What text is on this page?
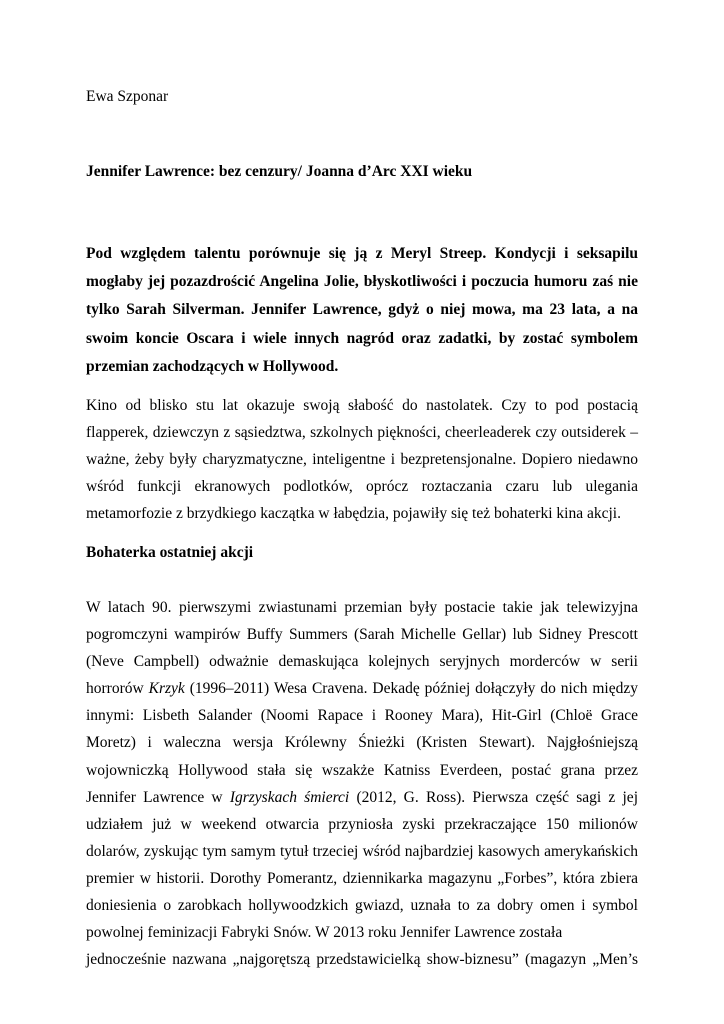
Ewa Szponar

Jennifer Lawrence: bez cenzury/ Joanna d’Arc XXI wieku

Pod względem talentu porównuje się ją z Meryl Streep. Kondycji i seksapilu mogłaby jej pozazdrościć Angelina Jolie, błyskotliwości i poczucia humoru zaś nie tylko Sarah Silverman. Jennifer Lawrence, gdyż o niej mowa, ma 23 lata, a na swoim koncie Oscara i wiele innych nagród oraz zadatki, by zostać symbolem przemian zachodzących w Hollywood.

Kino od blisko stu lat okazuje swoją słabość do nastolatek. Czy to pod postacią flapperek, dziewczyn z sąsiedztwa, szkolnych piękności, cheerleaderek czy outsiderek – ważne, żeby były charyzmatyczne, inteligentne i bezpretensjonalne. Dopiero niedawno wśród funkcji ekranowych podlotków, oprócz roztaczania czaru lub ulegania metamorfozie z brzydkiego kaczątka w łabędzia, pojawiły się też bohaterki kina akcji.

Bohaterka ostatniej akcji

W latach 90. pierwszymi zwiastunami przemian były postacie takie jak telewizyjna pogromczyni wampirów Buffy Summers (Sarah Michelle Gellar) lub Sidney Prescott (Neve Campbell) odważnie demaskująca kolejnych seryjnych morderców w serii horrorów Krzyk (1996–2011) Wesa Cravena. Dekadę później dołączyły do nich między innymi: Lisbeth Salander (Noomi Rapace i Rooney Mara), Hit-Girl (Chloë Grace Moretz) i waleczna wersja Królewny Śnieżki (Kristen Stewart). Najgłośniejszą wojowniczką Hollywood stała się wszakże Katniss Everdeen, postać grana przez Jennifer Lawrence w Igrzyskach śmierci (2012, G. Ross). Pierwsza część sagi z jej udziałem już w weekend otwarcia przyniosła zyski przekraczające 150 milionów dolarów, zyskując tym samym tytuł trzeciej wśród najbardziej kasowych amerykańskich premier w historii. Dorothy Pomerantz, dziennikarka magazynu „Forbes”, która zbiera doniesienia o zarobkach hollywoodzkich gwiazd, uznała to za dobry omen i symbol powolnej feminizacji Fabryki Snów. W 2013 roku Jennifer Lawrence została
jednocześnie nazwana „najgorętszą przedstawicielką show-biznesu” (magazyn „Men’s
